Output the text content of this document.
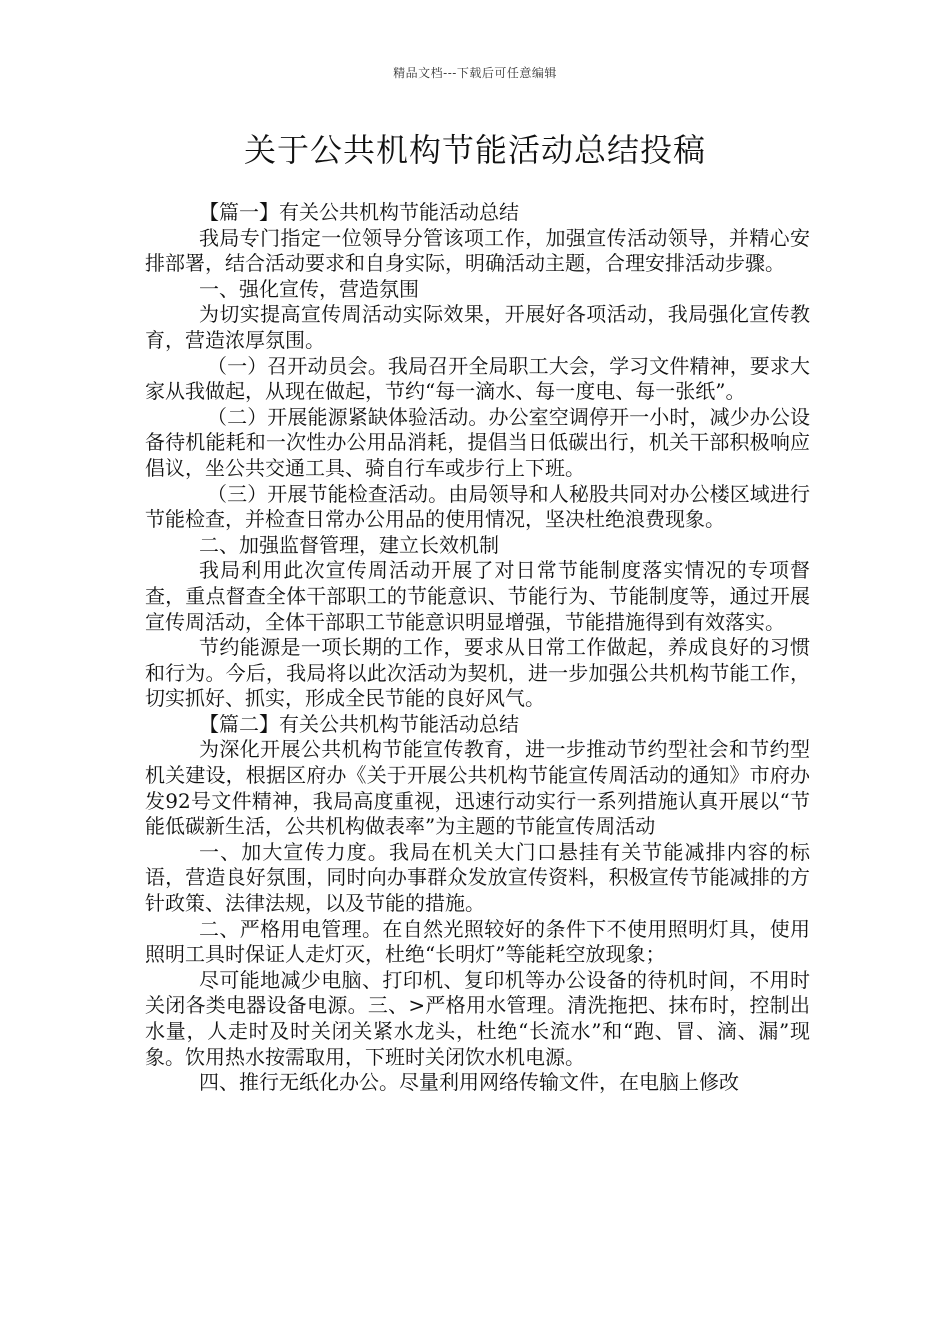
精品文档---下载后可任意编辑
关于公共机构节能活动总结投稿

【篇一】有关公共机构节能活动总结

我局专门指定一位领导分管该项工作，加强宣传活动领导，并精心安排部署，结合活动要求和自身实际，明确活动主题，合理安排活动步骤。

一、强化宣传，营造氛围

为切实提高宣传周活动实际效果，开展好各项活动，我局强化宣传教育，营造浓厚氛围。

（一）召开动员会。我局召开全局职工大会，学习文件精神，要求大家从我做起，从现在做起，节约“每一滴水、每一度电、每一张纸”。

（二）开展能源紧缺体验活动。办公室空调停开一小时，减少办公设备待机能耗和一次性办公用品消耗，提倡当日低碳出行，机关干部积极响应倡议，坐公共交通工具、骑自行车或步行上下班。

（三）开展节能检查活动。由局领导和人秘股共同对办公楼区域进行节能检查，并检查日常办公用品的使用情况，坚决杜绝浪费现象。

二、加强监督管理，建立长效机制

我局利用此次宣传周活动开展了对日常节能制度落实情况的专项督查，重点督查全体干部职工的节能意识、节能行为、节能制度等，通过开展宣传周活动，全体干部职工节能意识明显增强，节能措施得到有效落实。

节约能源是一项长期的工作，要求从日常工作做起，养成良好的习惯和行为。今后，我局将以此次活动为契机，进一步加强公共机构节能工作，切实抓好、抓实，形成全民节能的良好风气。

【篇二】有关公共机构节能活动总结

为深化开展公共机构节能宣传教育，进一步推动节约型社会和节约型机关建设，根据区府办《关于开展公共机构节能宣传周活动的通知》市府办发92号文件精神，我局高度重视，迅速行动实行一系列措施认真开展以“节能低碳新生活，公共机构做表率”为主题的节能宣传周活动

一、加大宣传力度。我局在机关大门口悬挂有关节能减排内容的标语，营造良好氛围，同时向办事群众发放宣传资料，积极宣传节能减排的方针政策、法律法规，以及节能的措施。

二、严格用电管理。在自然光照较好的条件下不使用照明灯具，使用照明工具时保证人走灯灭，杜绝“长明灯”等能耗空放现象；

尽可能地减少电脑、打印机、复印机等办公设备的待机时间，不用时关闭各类电器设备电源。三、>严格用水管理。清洗拖把、抹布时，控制出水量，人走时及时关闭关紧水龙头，杜绝“长流水”和“跑、冒、滴、漏”现象。饮用热水按需取用，下班时关闭饮水机电源。

四、推行无纸化办公。尽量利用网络传输文件，在电脑上修改
